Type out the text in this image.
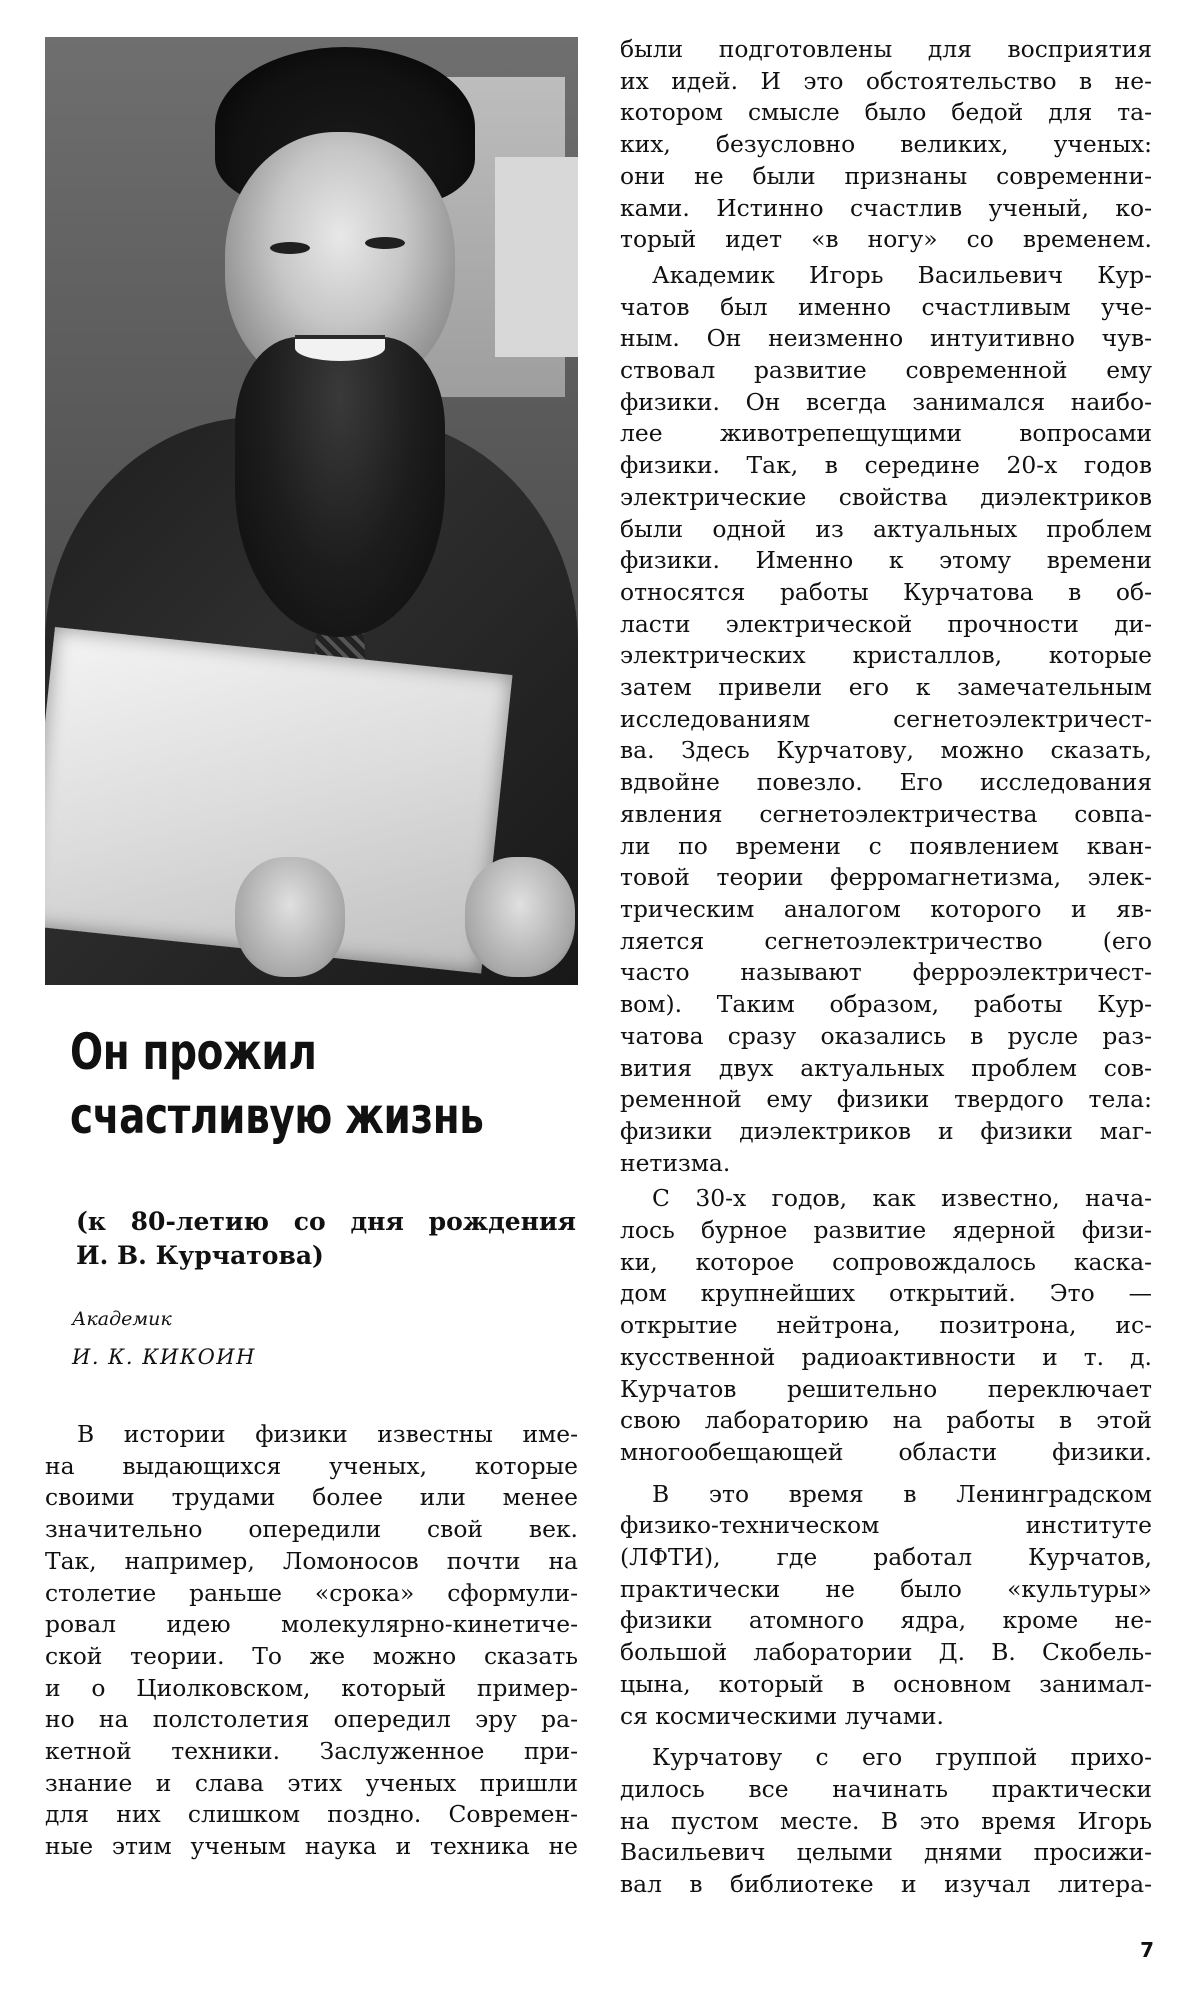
Он прожил
счастливую жизнь
(к 80-летию со дня рождения
И. В. Курчатова)
Академик
И. К. КИКОИН
В истории физики известны име-
на выдающихся ученых, которые
своими трудами более или менее
значительно опередили свой век.
Так, например, Ломоносов почти на
столетие раньше «срока» сформули-
ровал идею молекулярно-кинетиче-
ской теории. То же можно сказать
и о Циолковском, который пример-
но на полстолетия опередил эру ра-
кетной техники. Заслуженное при-
знание и слава этих ученых пришли
для них слишком поздно. Современ-
ные этим ученым наука и техника не
были подготовлены для восприятия
их идей. И это обстоятельство в не-
котором смысле было бедой для та-
ких, безусловно великих, ученых:
они не были признаны современни-
ками. Истинно счастлив ученый, ко-
торый идет «в ногу» со временем.
Академик Игорь Васильевич Кур-
чатов был именно счастливым уче-
ным. Он неизменно интуитивно чув-
ствовал развитие современной ему
физики. Он всегда занимался наибо-
лее животрепещущими вопросами
физики. Так, в середине 20-х годов
электрические свойства диэлектриков
были одной из актуальных проблем
физики. Именно к этому времени
относятся работы Курчатова в об-
ласти электрической прочности ди-
электрических кристаллов, которые
затем привели его к замечательным
исследованиям сегнетоэлектричест-
ва. Здесь Курчатову, можно сказать,
вдвойне повезло. Его исследования
явления сегнетоэлектричества совпа-
ли по времени с появлением кван-
товой теории ферромагнетизма, элек-
трическим аналогом которого и яв-
ляется сегнетоэлектричество (его
часто называют ферроэлектричест-
вом). Таким образом, работы Кур-
чатова сразу оказались в русле раз-
вития двух актуальных проблем сов-
ременной ему физики твердого тела:
физики диэлектриков и физики маг-
нетизма.
С 30-х годов, как известно, нача-
лось бурное развитие ядерной физи-
ки, которое сопровождалось каска-
дом крупнейших открытий. Это —
открытие нейтрона, позитрона, ис-
кусственной радиоактивности и т. д.
Курчатов решительно переключает
свою лабораторию на работы в этой
многообещающей области физики.
В это время в Ленинградском
физико-техническом институте
(ЛФТИ), где работал Курчатов,
практически не было «культуры»
физики атомного ядра, кроме не-
большой лаборатории Д. В. Скобель-
цына, который в основном занимал-
ся космическими лучами.
Курчатову с его группой прихо-
дилось все начинать практически
на пустом месте. В это время Игорь
Васильевич целыми днями просижи-
вал в библиотеке и изучал литера-
7
